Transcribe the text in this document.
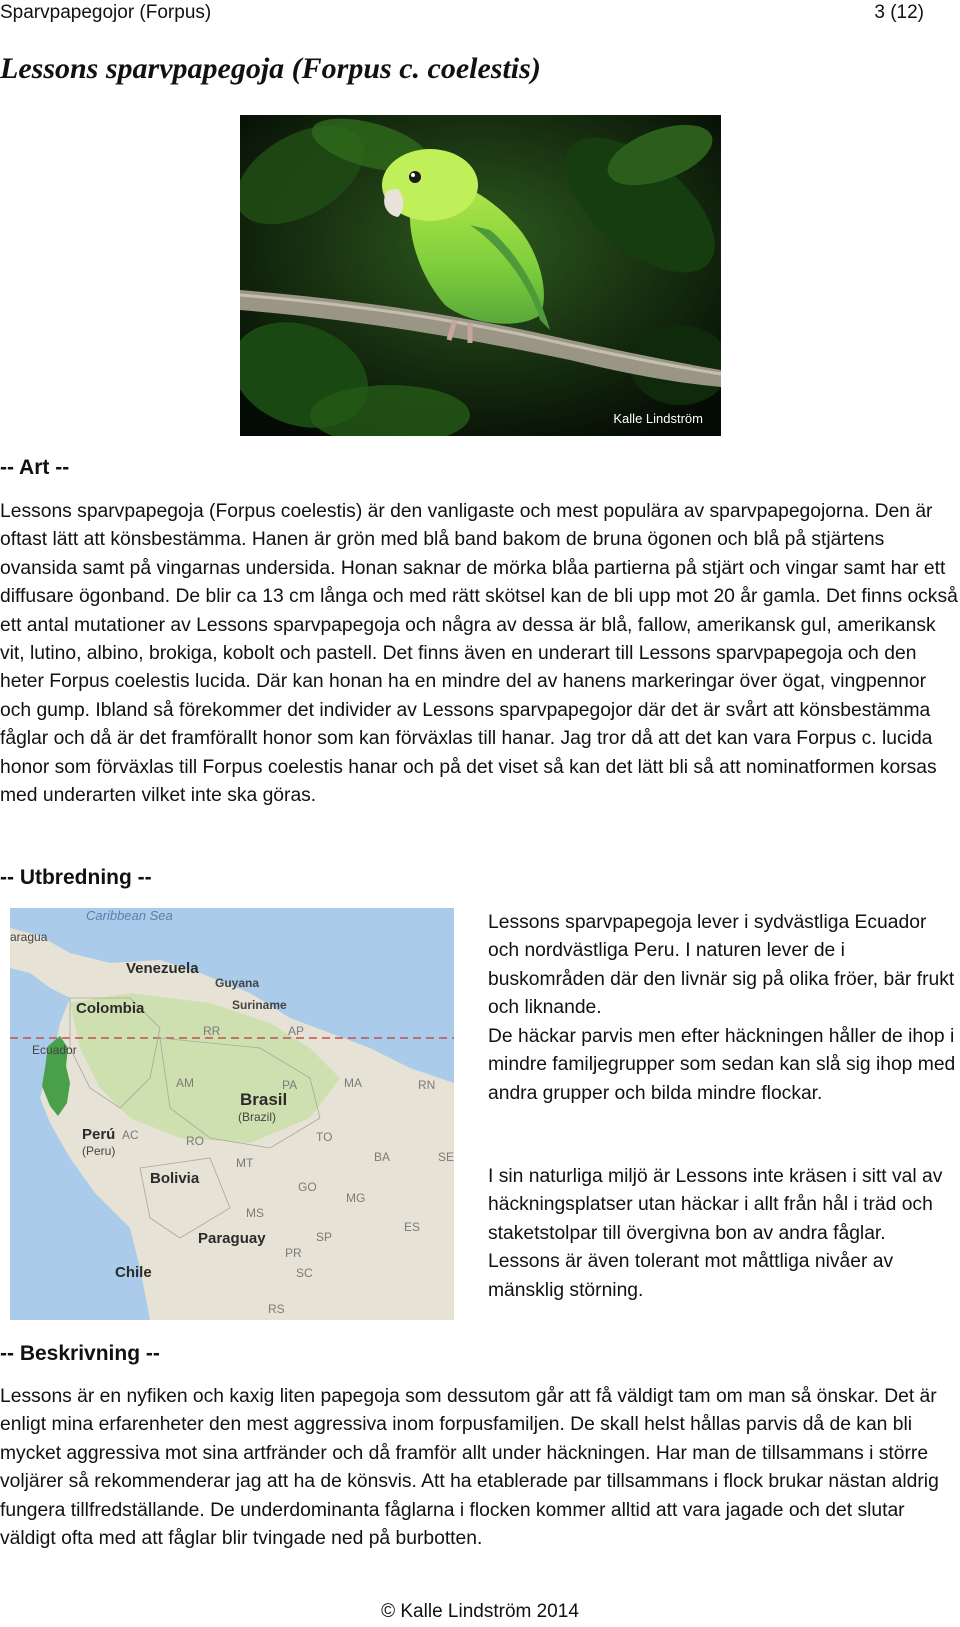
Sparvpapegojor (Forpus)	3 (12)
Lessons sparvpapegoja (Forpus c. coelestis)
Kalle Lindström
-- Art --

Lessons sparvpapegoja (Forpus coelestis) är den vanligaste och mest populära av sparvpapegojorna. Den är oftast lätt att könsbestämma. Hanen är grön med blå band bakom de bruna ögonen och blå på stjärtens ovansida samt på vingarnas undersida. Honan saknar de mörka blåa partierna på stjärt och vingar samt har ett diffusare ögonband. De blir ca 13 cm långa och med rätt skötsel kan de bli upp mot 20 år gamla. Det finns också ett antal mutationer av Lessons sparvpapegoja och några av dessa är blå, fallow, amerikansk gul, amerikansk vit, lutino, albino, brokiga, kobolt och pastell. Det finns även en underart till Lessons sparvpapegoja och den heter Forpus coelestis lucida. Där kan honan ha en mindre del av hanens markeringar över ögat, vingpennor och gump. Ibland så förekommer det individer av Lessons sparvpapegojor där det är svårt att könsbestämma fåglar och då är det framförallt honor som kan förväxlas till hanar. Jag tror då att det kan vara Forpus c. lucida honor som förväxlas till Forpus coelestis hanar och på det viset så kan det lätt bli så att nominatformen korsas med underarten vilket inte ska göras.

-- Utbredning --
Caribbean Sea
aragua
Venezuela
Colombia
Guyana
Suriname
Ecuador
Perú
(Peru)
Brasil
(Brazil)
Bolivia
Paraguay
Chile
RR	AP
AM	PA	MA	RN
AC	RO	TO
BA	SE
MT
GO
MG
MS
SP
ES
PR
SC
RS

Lessons sparvpapegoja lever i sydvästliga Ecuador och nordvästliga Peru. I naturen lever de i buskområden där den livnär sig på olika fröer, bär frukt och liknande.

De häckar parvis men efter häckningen håller de ihop i mindre familjegrupper som sedan kan slå sig ihop med andra grupper och bilda mindre flockar.

I sin naturliga miljö är Lessons inte kräsen i sitt val av häckningsplatser utan häckar i allt från hål i träd och staketstolpar till övergivna bon av andra fåglar. Lessons är även tolerant mot måttliga nivåer av mänsklig störning.

-- Beskrivning --

Lessons är en nyfiken och kaxig liten papegoja som dessutom går att få väldigt tam om man så önskar. Det är enligt mina erfarenheter den mest aggressiva inom forpusfamiljen. De skall helst hållas parvis då de kan bli mycket aggressiva mot sina artfränder och då framför allt under häckningen. Har man de tillsammans i större voljärer så rekommenderar jag att ha de könsvis. Att ha etablerade par tillsammans i flock brukar nästan aldrig fungera tillfredställande. De underdominanta fåglarna i flocken kommer alltid att vara jagade och det slutar väldigt ofta med att fåglar blir tvingade ned på burbotten.

© Kalle Lindström 2014
